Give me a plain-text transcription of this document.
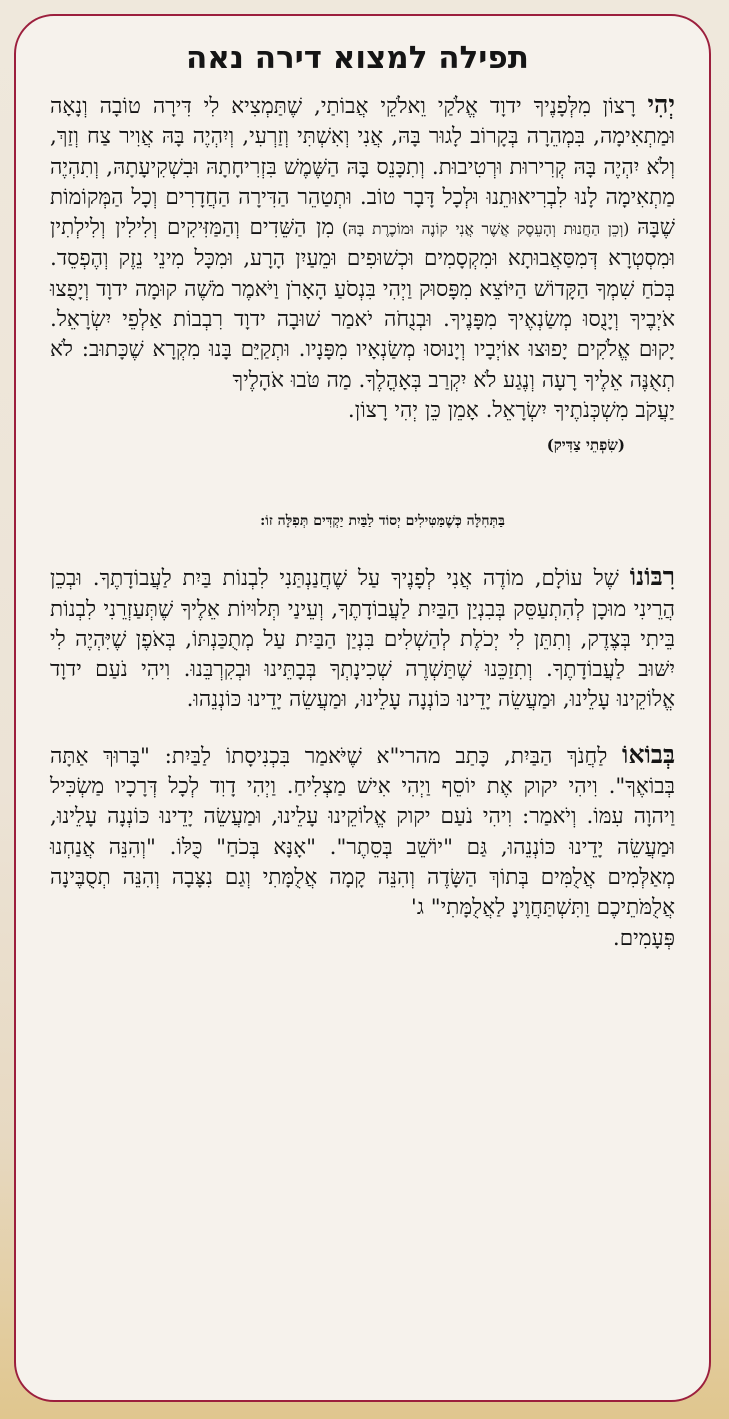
תפילה למצוא דירה נאה

יְהִי רָצוֹן מִלְּפָנֶיךָ ידוָד אֱלֹקַי וֵאלֹקֵי אֲבוֹתַי, שֶׁתַּמְצִיא לִי דִּירָה טוֹבָה וְנָאָה וּמַתְאִימָה, בִּמְהֵרָה בְּקָרוֹב לָגוּר בָּהּ, אֲנִי וְאִשְׁתִּי וְזַרְעִי, וְיִהְיֶה בָּהּ אֲוִיר צַח וְזַךְ, וְלֹא יִהְיֶה בָּהּ קְרִירוּת וּרְטִיבוּת. וְתִכָּנֵס בָּהּ הַשֶּׁמֶשׁ בִּזְרִיחָתָהּ וּבִשְׁקִיעָתָהּ, וְתִהְיֶה מַתְאִימָה לָנוּ לִבְרִיאוּתֵנוּ וּלְכָל דָּבָר טוֹב. וּתְטַהֵר הַדִּירָה הַחֲדָרִים וְכָל הַמְּקוֹמוֹת שֶׁבָּהּ (וְכֵן הַחֲנוּת וְהָעֵסֶק אֲשֶׁר אֲנִי קוֹנֶה וּמוֹכֶרֶת בָּהּ) מִן הַשֵּׁדִים וְהַמַּזִּיקִים וְלִילִין וְלִילְתִין וּמִסְטְרָא דְּמִסַּאֲבוּתָא וּמִקְסָמִים וּכְשׁוּפִים וּמֵעַיִן הָרָע, וּמִכָּל מִינֵי נֵזֶק וְהֶפְסֵד. בְּכֹחַ שִׁמְךָ הַקָּדוֹשׁ הַיּוֹצֵא מִפָּסוּק וַיְהִי בִּנְסֹעַ הָאָרֹן וַיֹּאמֶר מֹשֶׁה קוּמָה ידוָד וְיָפֻצוּ אֹיְבֶיךָ וְיָנֻסוּ מְשַׂנְאֶיךָ מִפָּנֶיךָ. וּבְנֻחֹה יֹאמַר שׁוּבָה ידוָד רִבְבוֹת אַלְפֵי יִשְׂרָאֵל. יָקוּם אֱלֹקִים יָפוּצוּ אוֹיְבָיו וְיָנוּסוּ מְשַׂנְאָיו מִפָּנָיו. וּתְקַיֵּם בָּנוּ מִקְרָא שֶׁכָּתוּב: לֹא תְאֻנֶּה אֵלֶיךָ רָעָה וְנֶגַע לֹא יִקְרַב בְּאָהֳלֶךָ. מַה טֹּבוּ אֹהָלֶיךָ
יַעֲקֹב מִשְׁכְּנֹתֶיךָ יִשְׂרָאֵל. אָמֵן כֵּן יְהִי רָצוֹן.

(שִׂפְתֵי צַדִּיק)

בַּתְּחִלָּה כְּשֶׁמַּטִּילִים יְסוֹד לַבַּיִת יַקְדִּים תְּפִלָּה זוֹ:

רִבּוֹנוֹ שֶׁל עוֹלָם, מוֹדֶה אֲנִי לְפָנֶיךָ עַל שֶׁחֲנַנְתַּנִי לִבְנוֹת בַּיִת לַעֲבוֹדָתֶךָ. וּבְכֵן הֲרֵינִי מוּכָן לְהִתְעַסֵּק בְּבִנְיַן הַבַּיִת לַעֲבוֹדָתֶךָ, וְעֵינַי תְּלוּיוֹת אֵלֶיךָ שֶׁתְּעַזְרֵנִי לִבְנוֹת בֵּיתִי בְּצֶדֶק, וְתִתֵּן לִי יְכֹלֶת לְהַשְׁלִים בִּנְיַן הַבַּיִת עַל מְתֻכַּנְתּוֹ, בְּאֹפֶן שֶׁיִּהְיֶה לִי יִשּׁוּב לַעֲבוֹדָתֶךָ. וְתִזַכֵּנוּ שֶׁתַּשְׁרֶה שְׁכִינָתְךָ בְּבָתֵּינוּ וּבְקִרְבֵּנוּ. וִיהִי נֹעַם ידוָד אֱלוֹקֵינוּ עָלֵינוּ, וּמַעֲשֵׂה יָדֵינוּ כּוֹנְנָה עָלֵינוּ, וּמַעֲשֵׂה יָדֵינוּ כּוֹנְנֵהוּ.

בְּבוֹאוֹ לַחֲנֹךְ הַבַּיִת, כָּתַב מהרי"א שֶׁיֹּאמַר בִּכְנִיסָתוֹ לַבַּיִת: "בָּרוּךְ אַתָּה בְּבוֹאֶךָ". וִיהִי יקוק אֶת יוֹסֵף וַיְהִי אִישׁ מַצְלִיחַ. וַיְהִי דָוִד לְכָל דְּרָכָיו מַשְׂכִּיל וַיהוָה עִמּוֹ. וְיֹאמַר: וִיהִי נֹעַם יקוק אֱלוֹקֵינוּ עָלֵינוּ, וּמַעֲשֵׂה יָדֵינוּ כּוֹנְנָה עָלֵינוּ, וּמַעֲשֵׂה יָדֵינוּ כּוֹנְנֵהוּ, גַּם "יוֹשֵׁב בְּסֵתֶר". "אָנָּא בְּכֹחַ" כֻּלּוֹ. "וְהִנֵּה אֲנַחְנוּ מְאַלְּמִים אֲלֻמִּים בְּתוֹךְ הַשָּׂדֶה וְהִנֵּה קָמָה אֲלֻמָּתִי וְגַם נִצָּבָה וְהִנֵּה תְסֻבֶּינָה אֲלֻמֹּתֵיכֶם וַתִּשְׁתַּחֲוֶינָ לַאֲלֻמָּתִי" ג'
פְּעָמִים.
